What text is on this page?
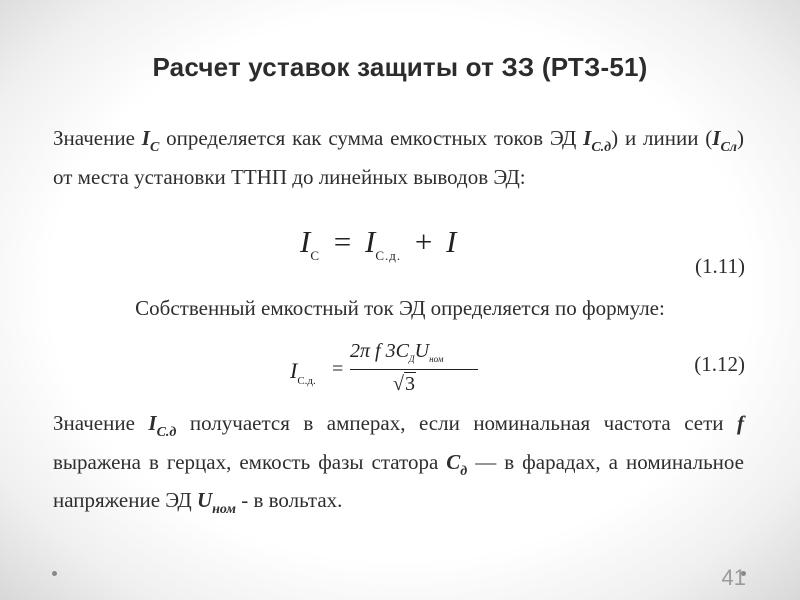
Расчет уставок защиты от ЗЗ (РТЗ-51)
Значение $I_С$ определяется как сумма емкостных токов ЭД $I_{С.д}$) и линии $(I_{Сл})$ от места установки ТТНП до линейных выводов ЭД:
$I_С = I_{С.д.} + I$
(1.11)
Собственный емкостный ток ЭД определяется по формуле:
$I_{С.д.}$
=
2π f $3C_ДU_{ном}$
√3
(1.12)
Значение $I_{С.д}$ получается в амперах, если номинальная частота сети f выражена в герцах, емкость фазы статора $С_д$ — в фарадах, а номинальное напряжение ЭД $U_{ном}$ - в вольтах.
41
